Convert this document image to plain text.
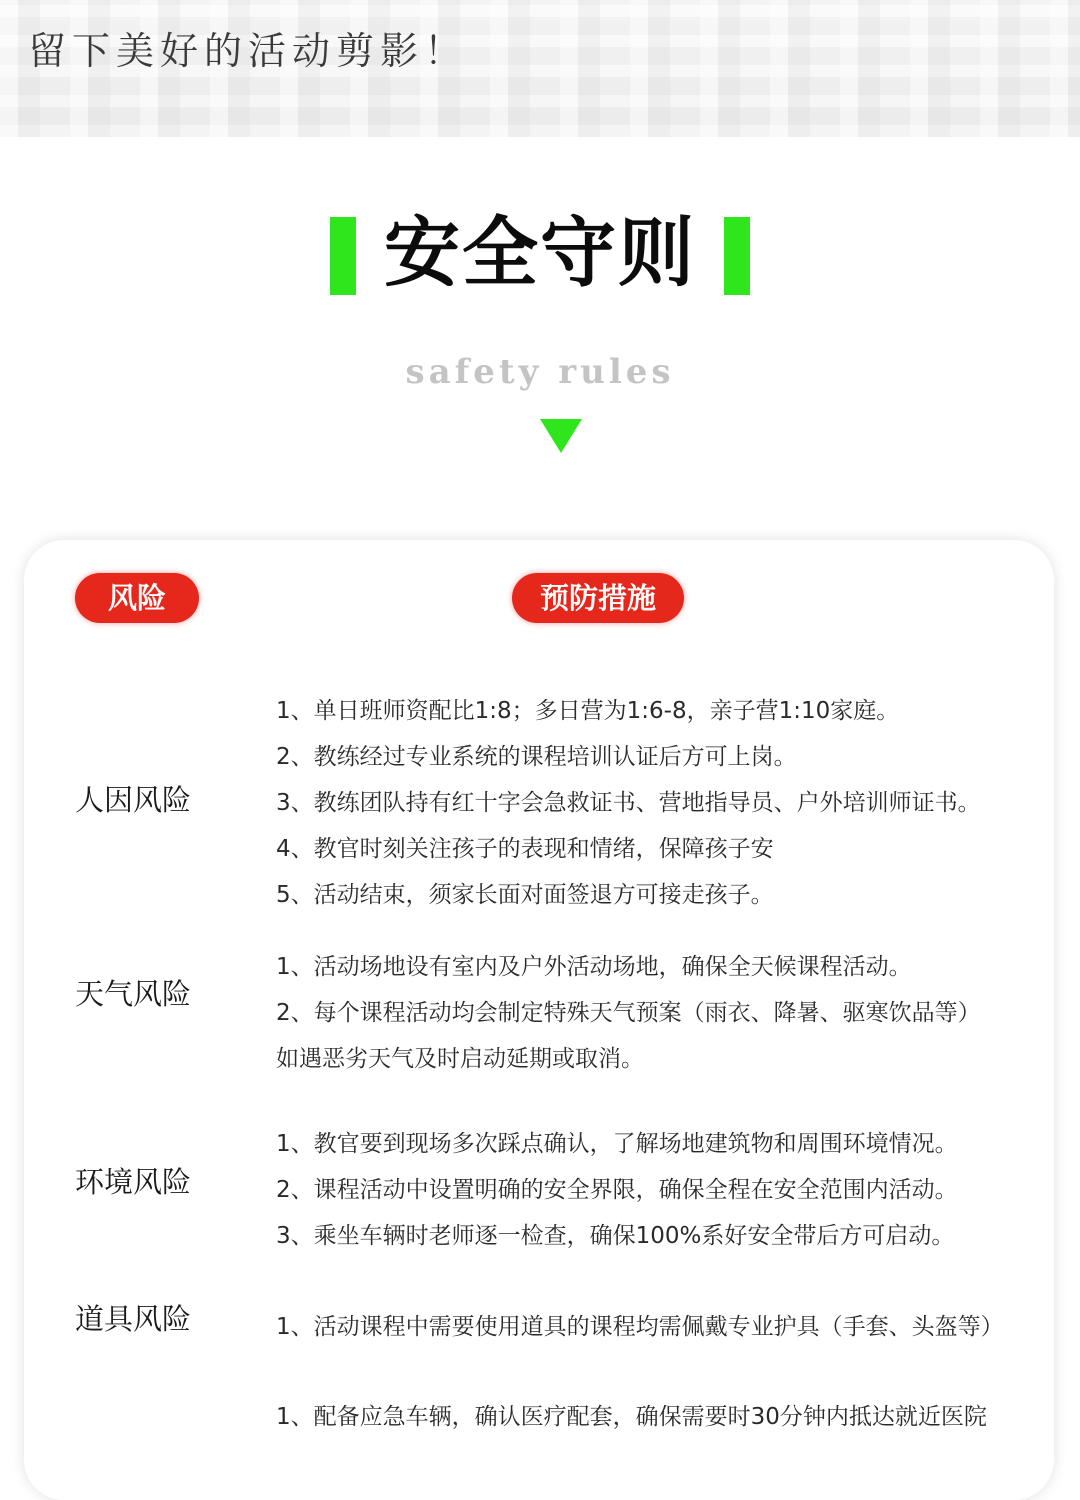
留下美好的活动剪影！
安全守则
safety rules
风险	预防措施
人因风险
1、单日班师资配比1:8；多日营为1:6-8，亲子营1:10家庭。
2、教练经过专业系统的课程培训认证后方可上岗。
3、教练团队持有红十字会急救证书、营地指导员、户外培训师证书。
4、教官时刻关注孩子的表现和情绪，保障孩子安
5、活动结束，须家长面对面签退方可接走孩子。
天气风险
1、活动场地设有室内及户外活动场地，确保全天候课程活动。
2、每个课程活动均会制定特殊天气预案（雨衣、降暑、驱寒饮品等）
如遇恶劣天气及时启动延期或取消。
环境风险
1、教官要到现场多次踩点确认，了解场地建筑物和周围环境情况。
2、课程活动中设置明确的安全界限，确保全程在安全范围内活动。
3、乘坐车辆时老师逐一检查，确保100%系好安全带后方可启动。
道具风险	1、活动课程中需要使用道具的课程均需佩戴专业护具（手套、头盔等）
1、配备应急车辆，确认医疗配套，确保需要时30分钟内抵达就近医院
